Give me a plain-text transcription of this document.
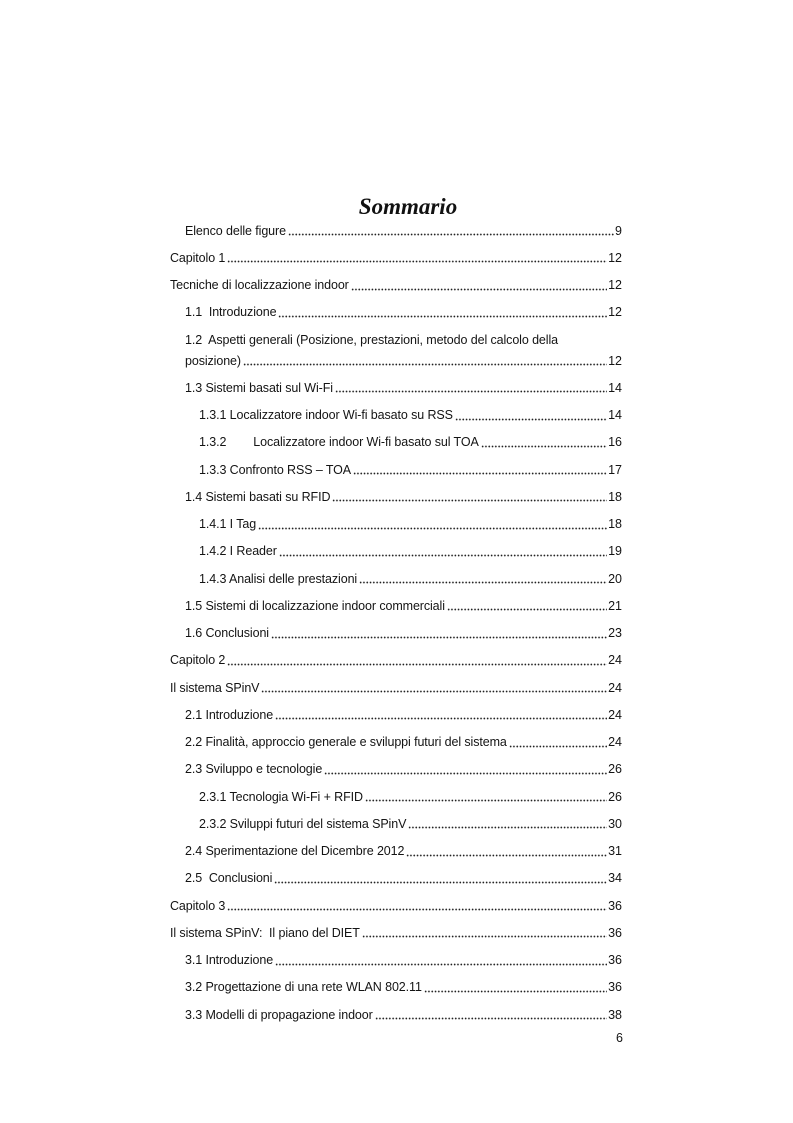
Sommario
Elenco delle figure	9
Capitolo 1	12
Tecniche di localizzazione indoor	12
1.1  Introduzione	12
1.2  Aspetti generali (Posizione, prestazioni, metodo del calcolo della
posizione)	12
1.3 Sistemi basati sul Wi-Fi	14
1.3.1 Localizzatore indoor Wi-fi basato su RSS	14
1.3.2        Localizzatore indoor Wi-fi basato sul TOA	16
1.3.3 Confronto RSS – TOA	17
1.4 Sistemi basati su RFID	18
1.4.1 I Tag	18
1.4.2 I Reader	19
1.4.3 Analisi delle prestazioni	20
1.5 Sistemi di localizzazione indoor commerciali	21
1.6 Conclusioni	23
Capitolo 2	24
Il sistema SPinV	24
2.1 Introduzione	24
2.2 Finalità, approccio generale e sviluppi futuri del sistema	24
2.3 Sviluppo e tecnologie	26
2.3.1 Tecnologia Wi-Fi + RFID	26
2.3.2 Sviluppi futuri del sistema SPinV	30
2.4 Sperimentazione del Dicembre 2012	31
2.5  Conclusioni	34
Capitolo 3	36
Il sistema SPinV:  Il piano del DIET	36
3.1 Introduzione	36
3.2 Progettazione di una rete WLAN 802.11	36
3.3 Modelli di propagazione indoor	38
6
